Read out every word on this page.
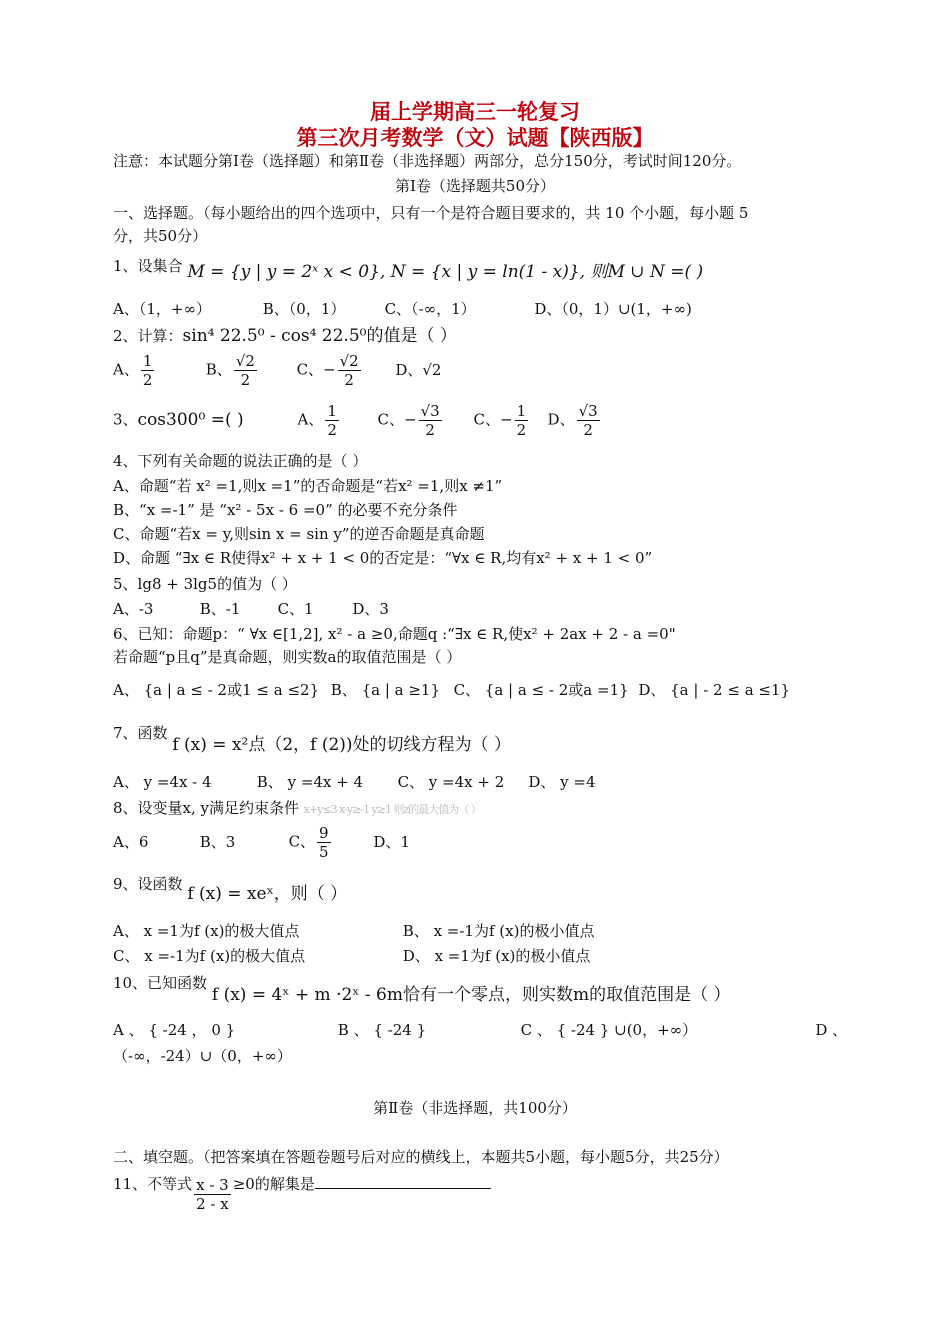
届上学期高三一轮复习
第三次月考数学（文）试题【陕西版】
注意：本试题分第Ⅰ卷（选择题）和第Ⅱ卷（非选择题）两部分，总分150分，考试时间120分。
第Ⅰ卷（选择题共50分）
一、选择题。（每小题给出的四个选项中，只有一个是符合题目要求的，共 10 个小题，每小题 5
分，共50分）
1、设集合 M = {y | y = 2ˣ x < 0}, N = {x | y = ln(1 - x)}, 则M ∪ N =( )
A、（1，+∞）	B、（0，1）	C、（-∞，1）	D、（0，1）∪(1，+∞)
2、计算：sin⁴ 22.5⁰ - cos⁴ 22.5⁰的值是（ ）
A、 $\frac{1}{2}$	B、 $\frac{√2}{2}$	C、− $\frac{√2}{2}$ D、√2
3、cos300⁰ =( )	A、 $\frac{1}{2}$	C、− $\frac{√3}{2}$ C、− $\frac{1}{2}$ D、 $\frac{√3}{2}$
4、下列有关命题的说法正确的是（ ）
A、命题“若 x² =1,则x =1”的否命题是“若x² =1,则x ≠1”
B、“x =-1” 是 “x² - 5x - 6 =0” 的必要不充分条件
C、命题“若x = y,则sin x = sin y”的逆否命题是真命题
D、命题 “∃x ∈ R使得x² + x + 1 < 0的否定是：“∀x ∈ R,均有x² + x + 1 < 0”
5、lg8 + 3lg5的值为（ ）
A、-3	B、-1 C、1	D、3
6、已知：命题p：“ ∀x ∈[1,2], x² - a ≥0,命题q :“∃x ∈ R,使x² + 2ax + 2 - a =0"
若命题“p且q”是真命题，则实数a的取值范围是（ ）
A、 {a | a ≤ - 2或1 ≤ a ≤2} B、 {a | a ≥1} C、 {a | a ≤ - 2或a =1} D、 {a | - 2 ≤ a ≤1}
7、函数 f (x) = x²点（2，f (2))处的切线方程为（ ）
A、 y =4x - 4	B、 y =4x + 4 C、 y =4x + 2 D、 y =4
8、设变量x, y满足约束条件 x+y≤3 x-y≥-1 y≥1 则z的最大值为（ ）
A、6	B、3	C、 $\frac{9}{5}$	D、1
9、设函数 f (x) = xeˣ，则（ ）
A、 x =1为f (x)的极大值点	B、 x =-1为f (x)的极小值点
C、 x =-1为f (x)的极大值点	D、 x =1为f (x)的极小值点
10、已知函数 f (x) = 4ˣ + m ·2ˣ - 6m恰有一个零点，则实数m的取值范围是（ ）
A 、 { -24 ， 0 }	B 、 { -24 }	C 、 { -24 } ∪(0，+∞）	D 、
（-∞，-24）∪（0，+∞）
第Ⅱ卷（非选择题，共100分）
二、填空题。（把答案填在答题卷题号后对应的横线上，本题共5小题，每小题5分，共25分）
11、不等式 $\frac{x - 3}{2 - x} \ge 0$的解集是
